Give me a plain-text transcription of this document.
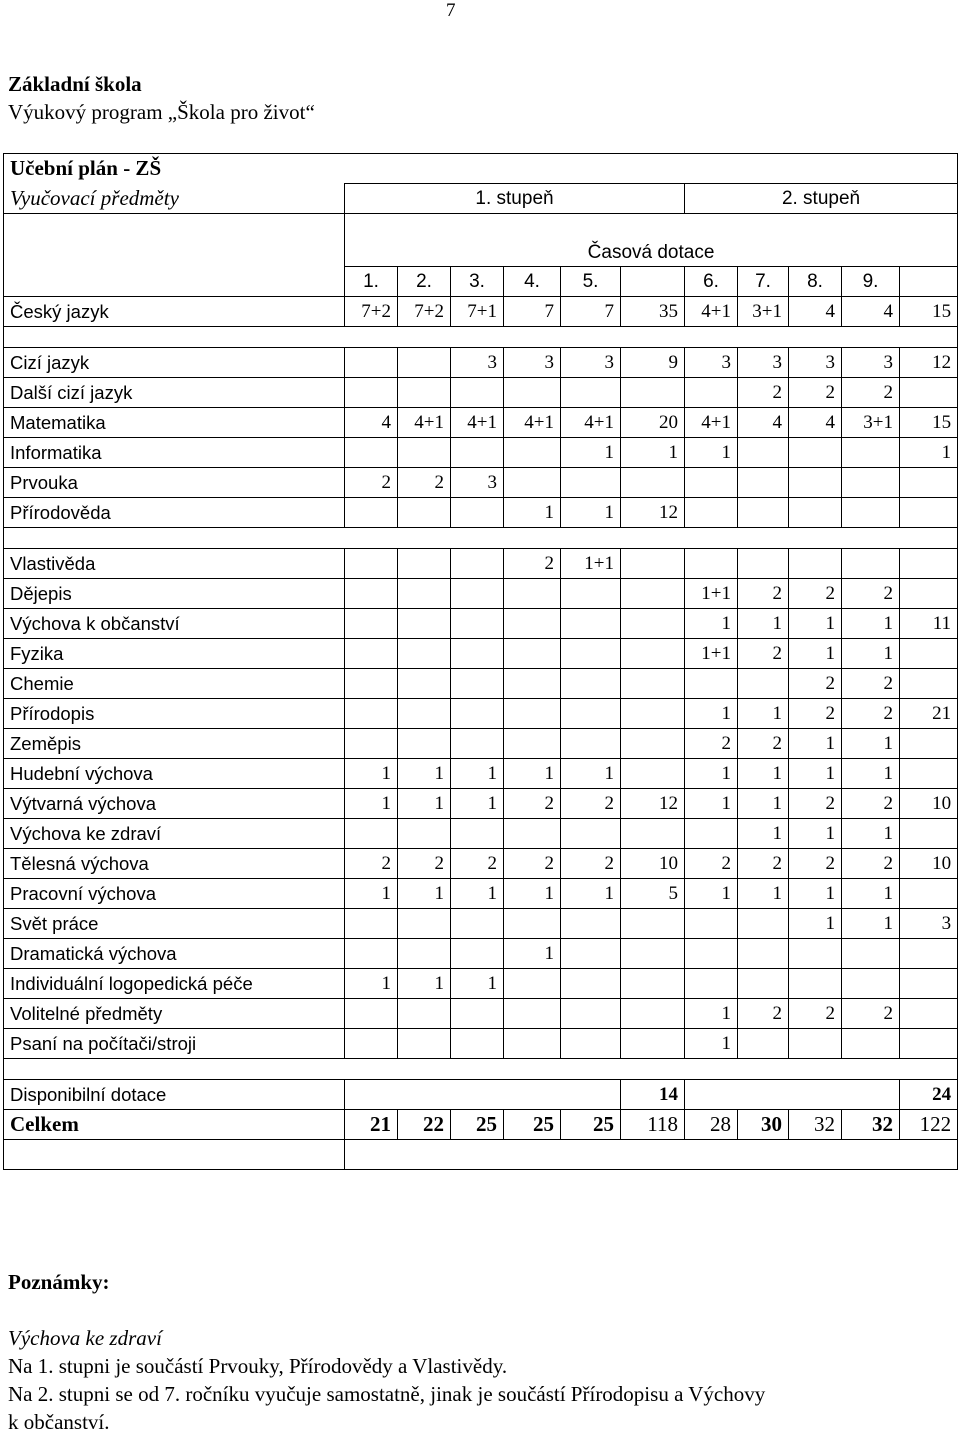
7
Základní škola
Výukový program „Škola pro život“
Učební plán - ZŠ											
Vyučovací předměty	1. stupeň						2. stupeň				
	Časová dotace										
	1.	2.	3.	4.	5.		6.	7.	8.	9.	
Český jazyk	7+2	7+2	7+1	7	7	35	4+1	3+1	4	4	15

Cizí jazyk			3	3	3	9	3	3	3	3	12
Další cizí jazyk								2	2	2	
Matematika	4	4+1	4+1	4+1	4+1	20	4+1	4	4	3+1	15
Informatika					1	1	1				1
Prvouka	2	2	3								
Přírodověda				1	1	12					

Vlastivěda				2	1+1						
Dějepis							1+1	2	2	2	
Výchova k občanství							1	1	1	1	11
Fyzika							1+1	2	1	1	
Chemie									2	2	
Přírodopis							1	1	2	2	21
Zeměpis							2	2	1	1	
Hudební výchova	1	1	1	1	1		1	1	1	1	
Výtvarná výchova	1	1	1	2	2	12	1	1	2	2	10
Výchova ke zdraví								1	1	1	
Tělesná výchova	2	2	2	2	2	10	2	2	2	2	10
Pracovní výchova	1	1	1	1	1	5	1	1	1	1	
Svět práce									1	1	3
Dramatická výchova				1							
Individuální logopedická péče	1	1	1								
Volitelné předměty							1	2	2	2	
Psaní na počítači/stroji							1				

Disponibilní dotace						14					24
Celkem	21	22	25	25	25	118	28	30	32	32	122

Poznámky:
Výchova ke zdraví
Na 1. stupni je součástí Prvouky, Přírodovědy a Vlastivědy.
Na 2. stupni se od 7. ročníku vyučuje samostatně, jinak je součástí Přírodopisu a Výchovy
k občanství.
